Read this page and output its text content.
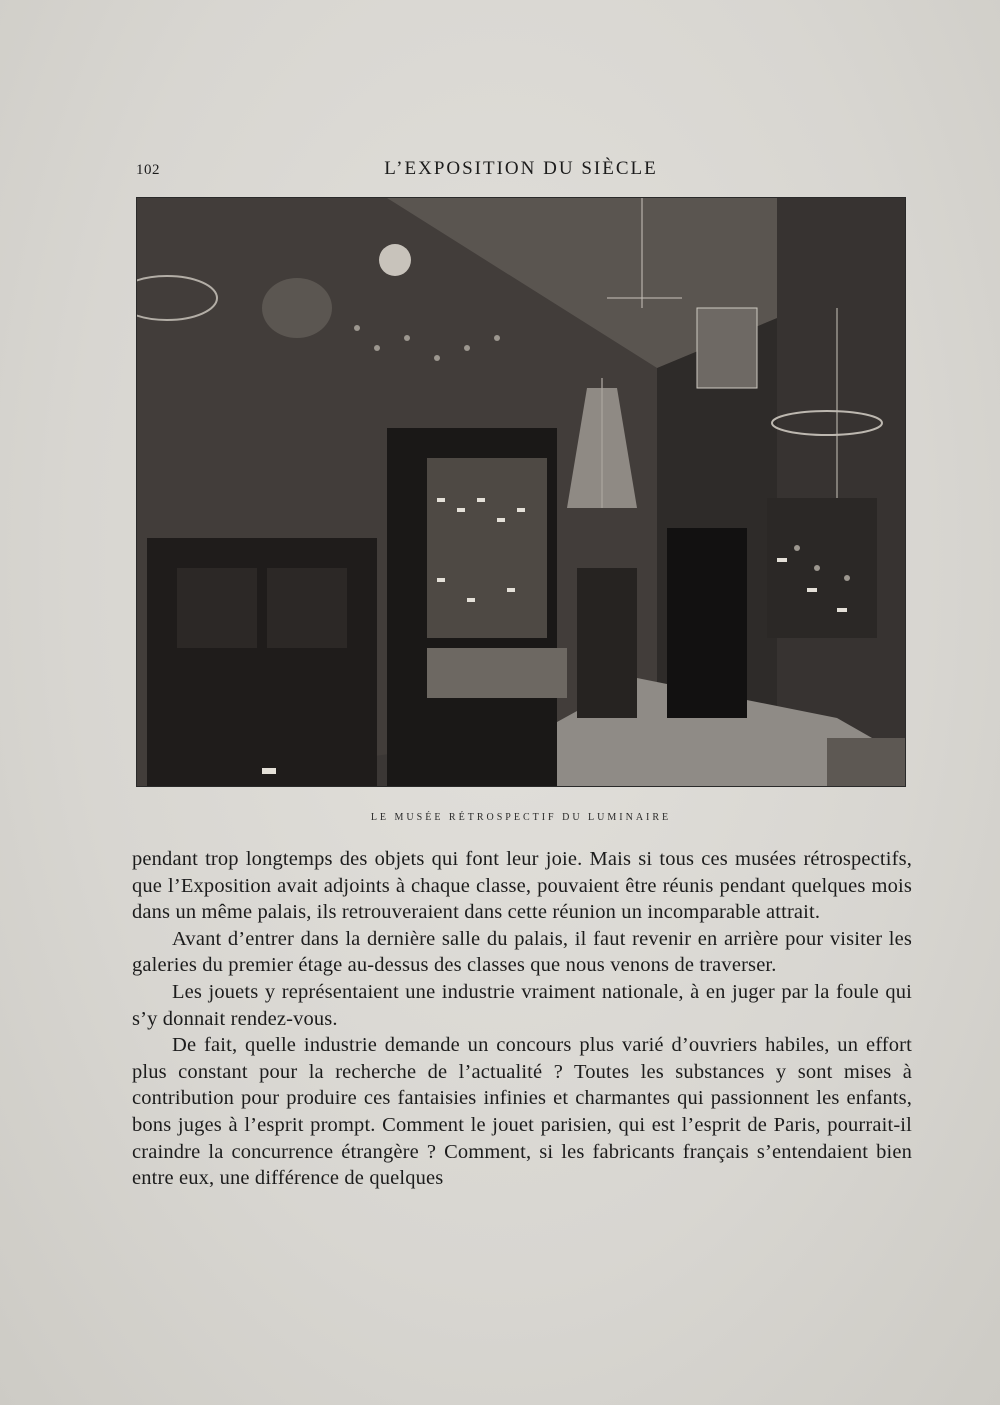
102	L’EXPOSITION DU SIÈCLE
LE MUSÉE RÉTROSPECTIF DU LUMINAIRE

pendant trop longtemps des objets qui font leur joie. Mais si tous ces musées rétrospectifs, que l’Exposition avait adjoints à chaque classe, pouvaient être réunis pendant quelques mois dans un même palais, ils retrouveraient dans cette réunion un incomparable attrait.

Avant d’entrer dans la dernière salle du palais, il faut revenir en arrière pour visiter les galeries du premier étage au-dessus des classes que nous venons de traverser.

Les jouets y représentaient une industrie vraiment nationale, à en juger par la foule qui s’y donnait rendez-vous.

De fait, quelle industrie demande un concours plus varié d’ouvriers habiles, un effort plus constant pour la recherche de l’actualité ? Toutes les substances y sont mises à contribution pour produire ces fantaisies infinies et charmantes qui passionnent les enfants, bons juges à l’esprit prompt. Comment le jouet parisien, qui est l’esprit de Paris, pourrait-il craindre la concurrence étrangère ? Comment, si les fabricants français s’entendaient bien entre eux, une différence de quelques
